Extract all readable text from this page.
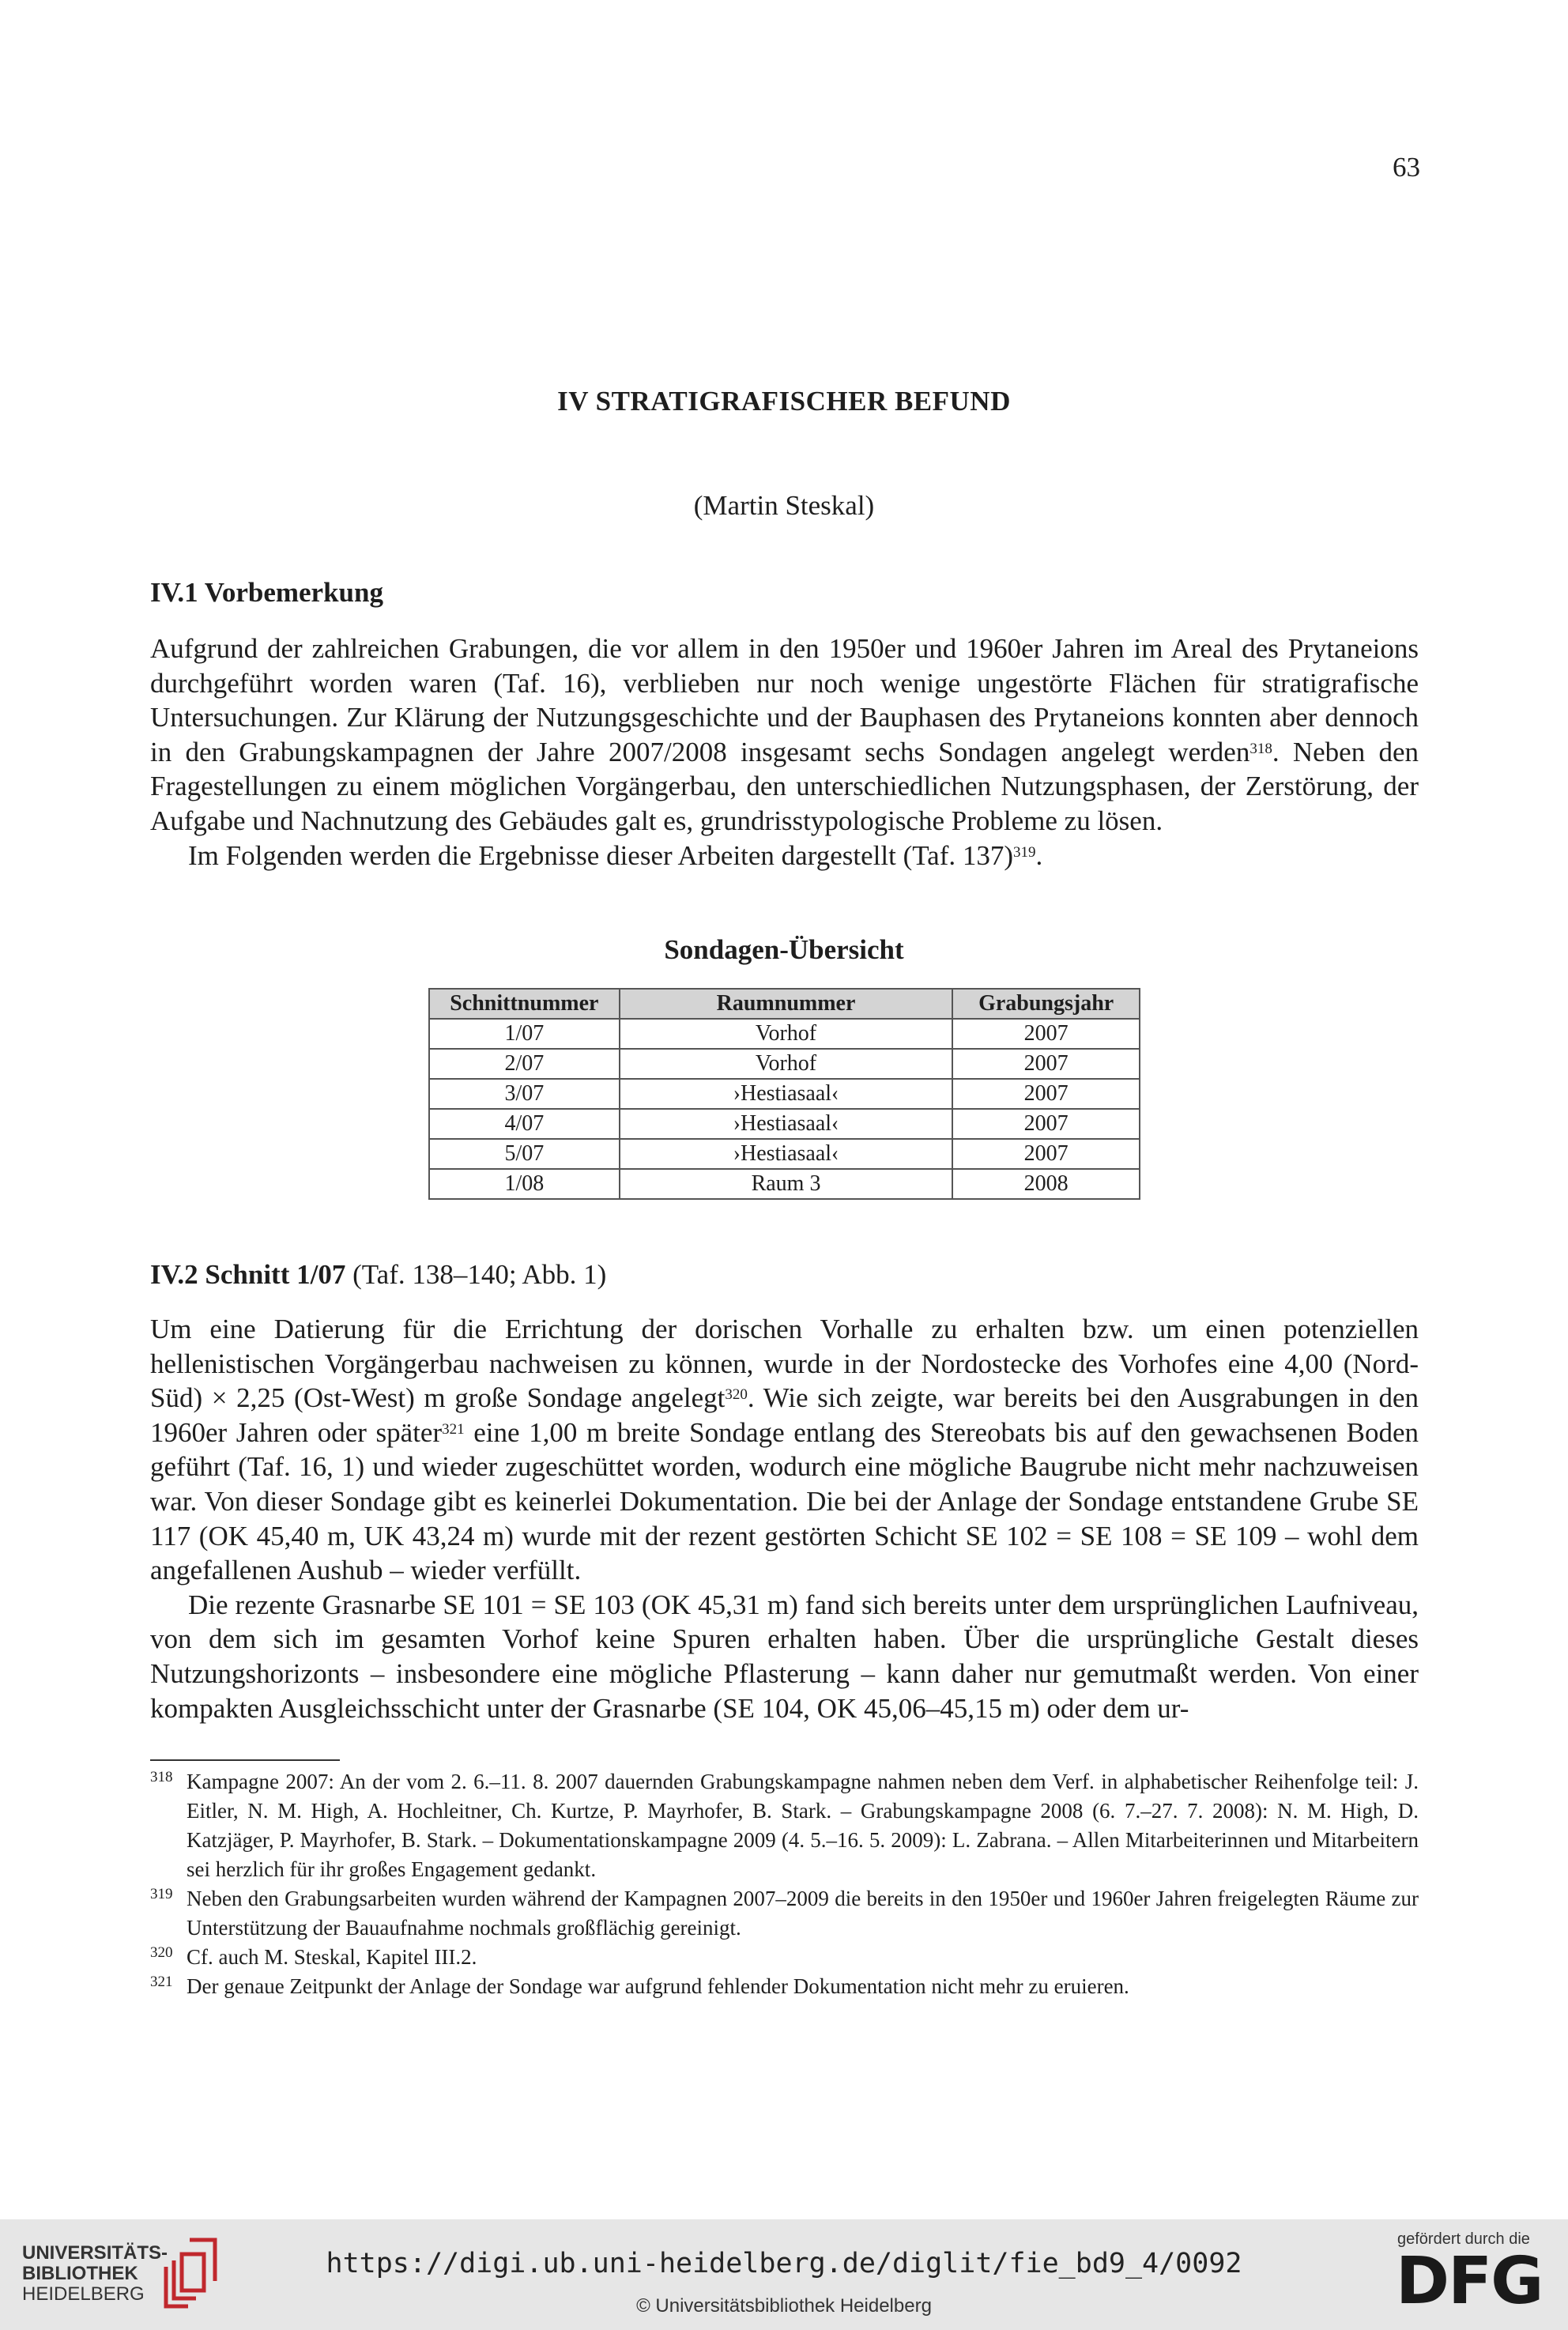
63
IV STRATIGRAFISCHER BEFUND
(Martin Steskal)
IV.1 Vorbemerkung

Aufgrund der zahlreichen Grabungen, die vor allem in den 1950er und 1960er Jahren im Areal des Prytaneions durchgeführt worden waren (Taf. 16), verblieben nur noch wenige ungestörte Flächen für stratigrafische Untersuchungen. Zur Klärung der Nutzungsgeschichte und der Bauphasen des Prytaneions konnten aber dennoch in den Grabungskampagnen der Jahre 2007/2008 insgesamt sechs Sondagen angelegt werden$^{318}$. Neben den Fragestellungen zu einem möglichen Vorgängerbau, den unterschiedlichen Nutzungsphasen, der Zerstörung, der Aufgabe und Nachnutzung des Gebäudes galt es, grundrisstypologische Probleme zu lösen.

Im Folgenden werden die Ergebnisse dieser Arbeiten dargestellt (Taf. 137)$^{319}$.

Sondagen-Übersicht
Schnittnummer	Raumnummer	Grabungsjahr
1/07	Vorhof	2007
2/07	Vorhof	2007
3/07	›Hestiasaal‹	2007
4/07	›Hestiasaal‹	2007
5/07	›Hestiasaal‹	2007
1/08	Raum 3	2008
IV.2 Schnitt 1/07 (Taf. 138–140; Abb. 1)

Um eine Datierung für die Errichtung der dorischen Vorhalle zu erhalten bzw. um einen potenziellen hellenistischen Vorgängerbau nachweisen zu können, wurde in der Nordostecke des Vorhofes eine 4,00 (Nord-Süd) × 2,25 (Ost-West) m große Sondage angelegt$^{320}$. Wie sich zeigte, war bereits bei den Ausgrabungen in den 1960er Jahren oder später$^{321}$ eine 1,00 m breite Sondage entlang des Stereobats bis auf den gewachsenen Boden geführt (Taf. 16, 1) und wieder zugeschüttet worden, wodurch eine mögliche Baugrube nicht mehr nachzuweisen war. Von dieser Sondage gibt es keinerlei Dokumentation. Die bei der Anlage der Sondage entstandene Grube SE 117 (OK 45,40 m, UK 43,24 m) wurde mit der rezent gestörten Schicht SE 102 = SE 108 = SE 109 – wohl dem angefallenen Aushub – wieder verfüllt.

Die rezente Grasnarbe SE 101 = SE 103 (OK 45,31 m) fand sich bereits unter dem ursprünglichen Laufniveau, von dem sich im gesamten Vorhof keine Spuren erhalten haben. Über die ursprüngliche Gestalt dieses Nutzungshorizonts – insbesondere eine mögliche Pflasterung – kann daher nur gemutmaßt werden. Von einer kompakten Ausgleichsschicht unter der Grasnarbe (SE 104, OK 45,06–45,15 m) oder dem ur-

318 Kampagne 2007: An der vom 2. 6.–11. 8. 2007 dauernden Grabungskampagne nahmen neben dem Verf. in alphabetischer Reihenfolge teil: J. Eitler, N. M. High, A. Hochleitner, Ch. Kurtze, P. Mayrhofer, B. Stark. – Grabungskampagne 2008 (6. 7.–27. 7. 2008): N. M. High, D. Katzjäger, P. Mayrhofer, B. Stark. – Dokumentationskampagne 2009 (4. 5.–16. 5. 2009): L. Zabrana. – Allen Mitarbeiterinnen und Mitarbeitern sei herzlich für ihr großes Engagement gedankt.
319 Neben den Grabungsarbeiten wurden während der Kampagnen 2007–2009 die bereits in den 1950er und 1960er Jahren freigelegten Räume zur Unterstützung der Bauaufnahme nochmals großflächig gereinigt.
320 Cf. auch M. Steskal, Kapitel III.2.
321 Der genaue Zeitpunkt der Anlage der Sondage war aufgrund fehlender Dokumentation nicht mehr zu eruieren.
UNIVERSITÄTS-
BIBLIOTHEK
HEIDELBERG
https://digi.ub.uni-heidelberg.de/diglit/fie_bd9_4/0092
© Universitätsbibliothek Heidelberg
gefördert durch die
DFG
